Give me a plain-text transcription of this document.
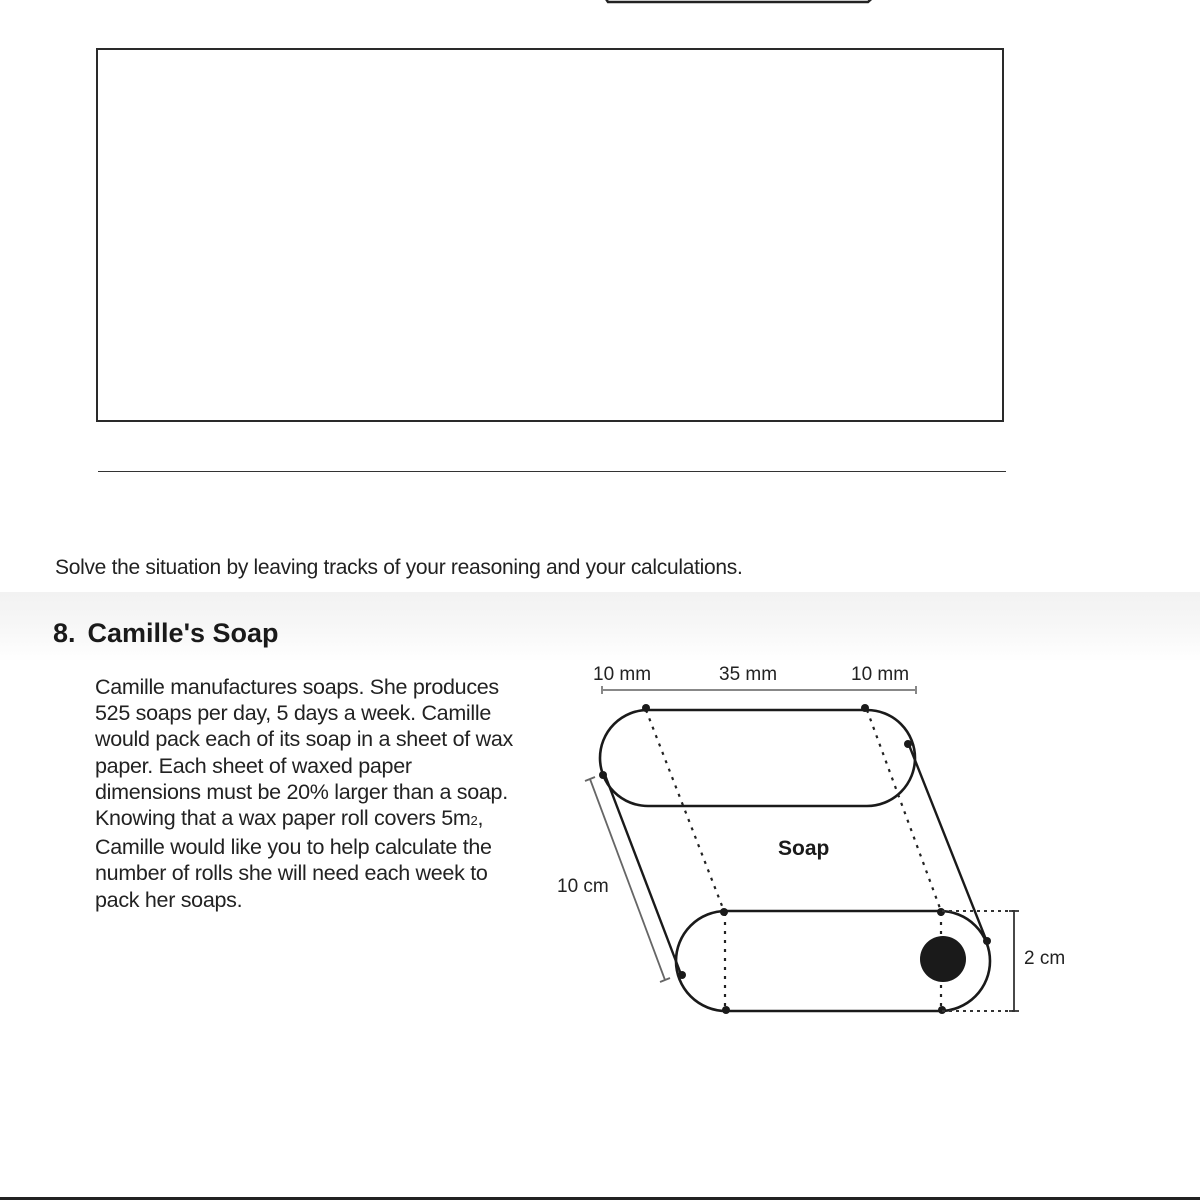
Solve the situation by leaving tracks of your reasoning and your calculations.
8. Camille's Soap
Camille manufactures soaps. She produces
525 soaps per day, 5 days a week. Camille
would pack each of its soap in a sheet of wax
paper. Each sheet of waxed paper
dimensions must be 20% larger than a soap.
Knowing that a wax paper roll covers 5m2,
Camille would like you to help calculate the
number of rolls she will need each week to
pack her soaps.
10 mm	35 mm	10 mm
10 cm
2 cm
Soap
